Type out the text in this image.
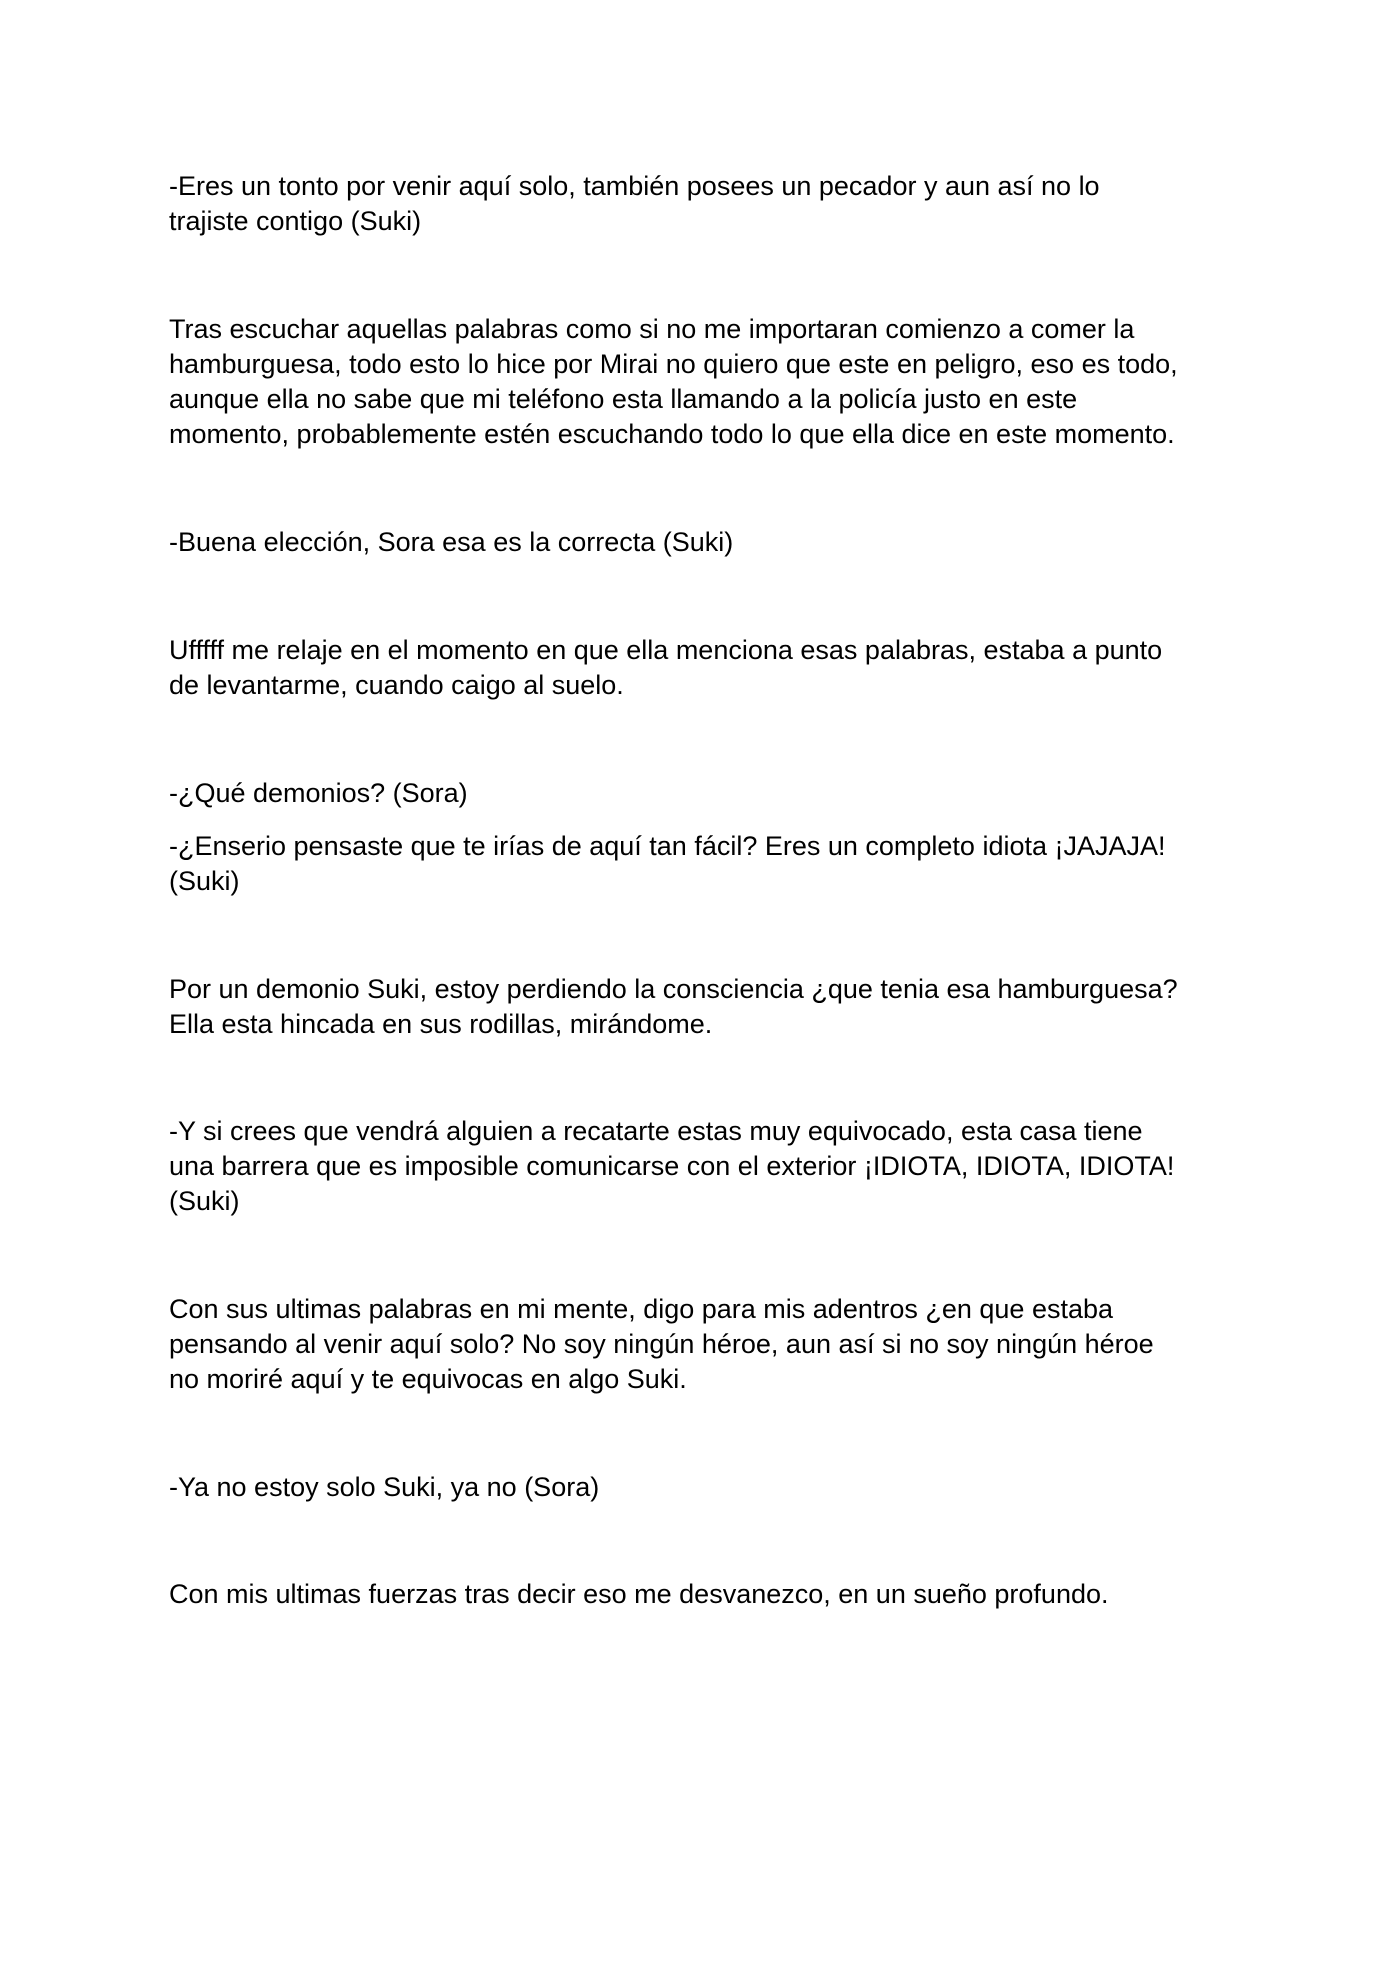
-Eres un tonto por venir aquí solo, también posees un pecador y aun así no lo
trajiste contigo (Suki)

Tras escuchar aquellas palabras como si no me importaran comienzo a comer la
hamburguesa, todo esto lo hice por Mirai no quiero que este en peligro, eso es todo,
aunque ella no sabe que mi teléfono esta llamando a la policía justo en este
momento, probablemente estén escuchando todo lo que ella dice en este momento.

-Buena elección, Sora esa es la correcta (Suki)

Ufffff me relaje en el momento en que ella menciona esas palabras, estaba a punto
de levantarme, cuando caigo al suelo.

-¿Qué demonios? (Sora)

-¿Enserio pensaste que te irías de aquí tan fácil? Eres un completo idiota ¡JAJAJA!
(Suki)

Por un demonio Suki, estoy perdiendo la consciencia ¿que tenia esa hamburguesa?
Ella esta hincada en sus rodillas, mirándome.

-Y si crees que vendrá alguien a recatarte estas muy equivocado, esta casa tiene
una barrera que es imposible comunicarse con el exterior ¡IDIOTA, IDIOTA, IDIOTA!
(Suki)

Con sus ultimas palabras en mi mente, digo para mis adentros ¿en que estaba
pensando al venir aquí solo? No soy ningún héroe, aun así si no soy ningún héroe
no moriré aquí y te equivocas en algo Suki.

-Ya no estoy solo Suki, ya no (Sora)

Con mis ultimas fuerzas tras decir eso me desvanezco, en un sueño profundo.
